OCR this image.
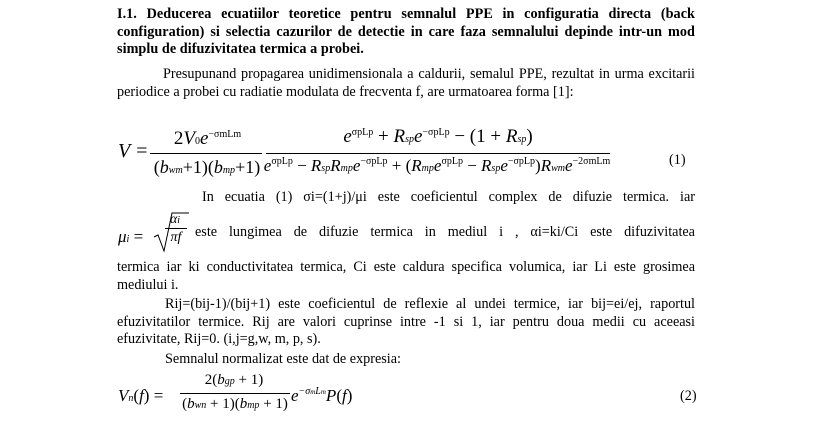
I.1. Deducerea ecuatiilor teoretice pentru semnalul PPE in configuratia directa (back configuration) si selectia cazurilor de detectie in care faza semnalului depinde intr-un mod simplu de difuzivitatea termica a probei.

Presupunand propagarea unidimensionala a caldurii, semalul PPE, rezultat in urma excitarii periodice a probei cu radiatie modulata de frecventa f, are urmatoarea forma [1]:

V =
$2V0e^{-\sigma mLm}$
(bwm+1)(bmp+1)
$e^{\sigma pLp}$ + Rspe$^{-\sigma pLp}$ − (1 + Rsp)
$e^{\sigma pLp}$ − RspRmpe$^{-\sigma pLp}$ + (Rmpe$^{\sigma pLp}$ − Rspe$^{-\sigma pLp}$)Rwme$^{-2\sigma mLm}$	(1)

In ecuatia (1) σi=(1+j)/μi este coeficientul complex de difuzie termica. iar

μi =
αi
πf este lungimea de difuzie termica in mediul i , αi=ki/Ci este difuzivitatea

termica iar ki conductivitatea termica, Ci este caldura specifica volumica, iar Li este grosimea mediului i.

Rij=(bij-1)/(bij+1) este coeficientul de reflexie al undei termice, iar bij=ei/ej, raportul efuzivitatilor termice. Rij are valori cuprinse intre -1 si 1, iar pentru doua medii cu aceeasi efuzivitate, Rij=0. (i,j=g,w, m, p, s).

Semnalul normalizat este dat de expresia:

Vn(f) =
2(bgp + 1)
(bwn + 1)(bmp + 1) $e^{-\sigma mLm}P(f)$	(2)
